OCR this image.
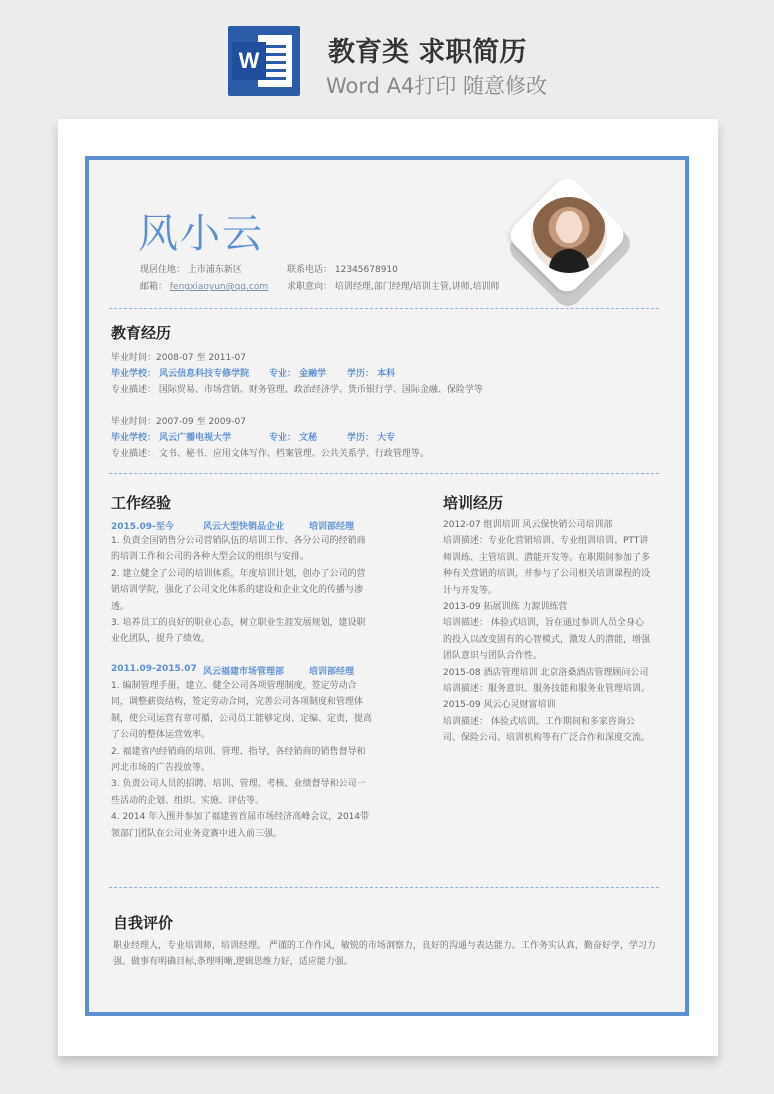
W	教育类 求职简历
Word A4打印 随意修改
风小云
现居住地： 上市浦东新区	联系电话： 12345678910
邮箱： fengxiaoyun@qq.com 求职意向： 培训经理,部门经理/培训主管,讲师,培训师
教育经历
毕业时间：2008-07 至 2011-07
毕业学校： 风云信息科技专修学院 专业： 金融学 学历： 本科
专业描述： 国际贸易、市场营销、财务管理、政治经济学、货币银行学、国际金融、保险学等
毕业时间：2007-09 至 2009-07
毕业学校： 风云广播电视大学	专业： 文秘	学历： 大专
专业描述： 文书、秘书、应用文体写作、档案管理、公共关系学、行政管理等。
工作经验
2015.09-至今	风云大型快销品企业	培训部经理
1. 负责全国销售分公司营销队伍的培训工作、各分公司的经销商的培训工作和公司的各种大型会议的组织与安排。
2. 建立健全了公司的培训体系，年度培训计划，创办了公司的营销培训学院，强化了公司文化体系的建设和企业文化的传播与渗透。
3. 培养员工的良好的职业心态，树立职业生涯发展规划，建设职业化团队，提升了绩效。
2011.09-2015.07 风云福建市场管理部	培训部经理
1. 编制管理手册，建立、健全公司各项管理制度，签定劳动合同，调整薪资结构，签定劳动合同，完善公司各项制度和管理体制，使公司运营有章可循，公司员工能够定岗、定编、定责，提高了公司的整体运营效率。
2. 福建省内经销商的培训、管理、指导，各经销商的销售督导和河北市场的广告投放等。
3. 负责公司人员的招聘、培训、管理、考核、业绩督导和公司一些活动的企划、组织、实施、评估等。
4. 2014 年入围并参加了福建省首届市场经济高峰会议，2014带领部门团队在公司业务竞赛中进入前三强。
培训经历
2012-07 组训培训 风云保快销公司培训部
培训描述：专业化营销培训、专业组训培训、PTT讲师训练、主管培训、潜能开发等。在职期间参加了多种有关营销的培训，并参与了公司相关培训课程的设计与开发等。
2013-09 拓展训练 力源训练营
培训描述： 体验式培训，旨在通过参训人员全身心的投入以改变固有的心智模式，激发人的潜能，增强团队意识与团队合作性。
2015-08 酒店管理培训 北京洛桑酒店管理顾问公司 培训描述：服务意识、服务技能和服务业管理培训。
2015-09 风云心灵财富培训
培训描述： 体验式培训。工作期间和多家咨询公司、保险公司、培训机构等有广泛合作和深度交流。
自我评价
职业经理人，专业培训师，培训经理。 严谨的工作作风，敏锐的市场洞察力，良好的沟通与表达能力。工作务实认真，勤奋好学，学习力强。做事有明确目标,条理明晰,逻辑思维力好，适应能力强。
